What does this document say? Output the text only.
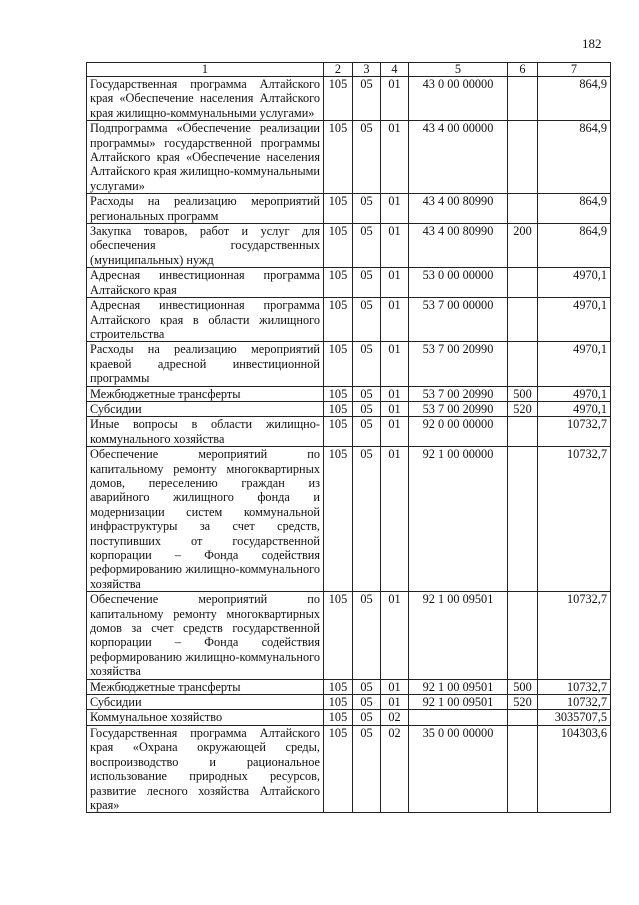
182
1	2	3	4	5	6	7
Государственная программа Алтайского края «Обеспечение населения Алтайского края жилищно-коммунальными услугами»	105	05	01	43 0 00 00000		864,9
Подпрограмма «Обеспечение реализации программы» государственной программы Алтайского края «Обеспечение населения Алтайского края жилищно-коммунальными услугами»	105	05	01	43 4 00 00000		864,9
Расходы на реализацию мероприятий региональных программ	105	05	01	43 4 00 80990		864,9
Закупка товаров, работ и услуг для обеспечения государственных (муниципальных) нужд	105	05	01	43 4 00 80990	200	864,9
Адресная инвестиционная программа Алтайского края	105	05	01	53 0 00 00000		4970,1
Адресная инвестиционная программа Алтайского края в области жилищного строительства	105	05	01	53 7 00 00000		4970,1
Расходы на реализацию мероприятий краевой адресной инвестиционной программы	105	05	01	53 7 00 20990		4970,1
Межбюджетные трансферты	105	05	01	53 7 00 20990	500	4970,1
Субсидии	105	05	01	53 7 00 20990	520	4970,1
Иные вопросы в области жилищно-коммунального хозяйства	105	05	01	92 0 00 00000		10732,7
Обеспечение мероприятий по капитальному ремонту многоквартирных домов, переселению граждан из аварийного жилищного фонда и модернизации систем коммунальной инфраструктуры за счет средств, поступивших от государственной корпорации – Фонда содействия реформированию жилищно-коммунального хозяйства	105	05	01	92 1 00 00000		10732,7
Обеспечение мероприятий по капитальному ремонту многоквартирных домов за счет средств государственной корпорации – Фонда содействия реформированию жилищно-коммунального хозяйства	105	05	01	92 1 00 09501		10732,7
Межбюджетные трансферты	105	05	01	92 1 00 09501	500	10732,7
Субсидии	105	05	01	92 1 00 09501	520	10732,7
Коммунальное хозяйство	105	05	02			3035707,5
Государственная программа Алтайского края «Охрана окружающей среды, воспроизводство и рациональное использование природных ресурсов, развитие лесного хозяйства Алтайского края»	105	05	02	35 0 00 00000		104303,6
